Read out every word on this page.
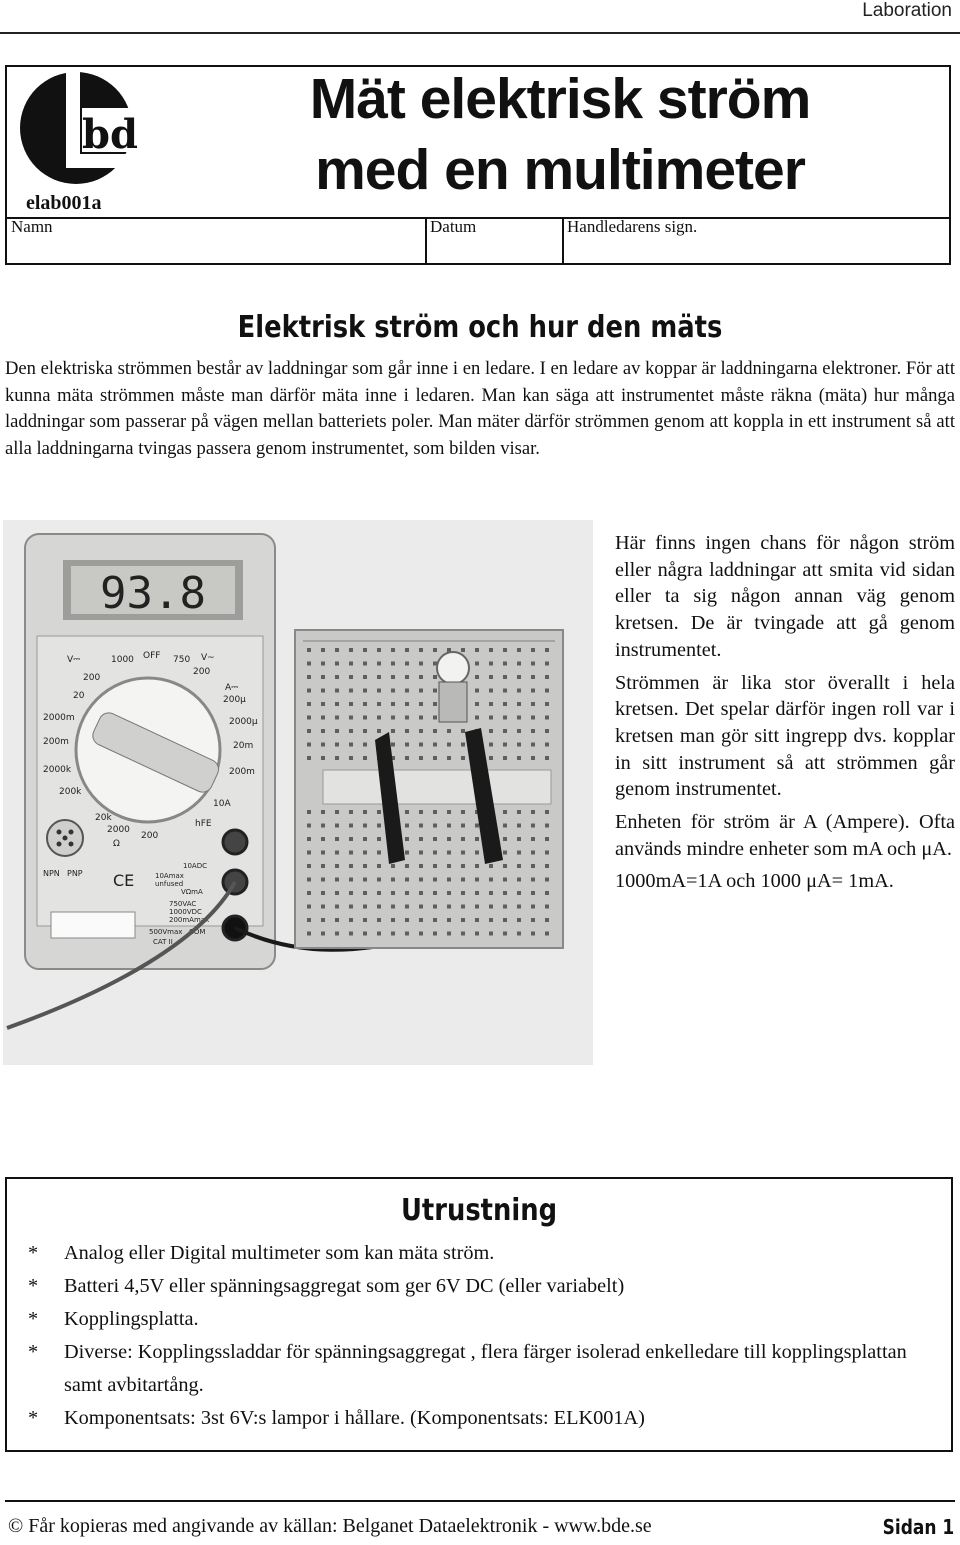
Laboration
bd
elab001a
Mät elektrisk ström
med en multimeter
Namn	Datum	Handledarens sign.
Elektrisk ström och hur den mäts

Den elektriska strömmen består av laddningar som går inne i en ledare. I en ledare av koppar är laddningarna elektroner. För att kunna mäta strömmen måste man därför mäta inne i ledaren. Man kan säga att instrumentet måste räkna (mäta) hur många laddningar som passerar på vägen mellan batteriets poler. Man mäter därför strömmen genom att koppla in ett instrument så att alla laddningarna tvingas passera genom instrumentet, som bilden visar.

93.8
V⎓	1000 OFF 750 V~
200
200
20
A⎓
2000m
200μ
200m
2000μ
2000k
20m
200k
200m
10A
20k
2000
200
hFE
Ω
NPN PNP CE
10ADC
10Amax
unfused
VΩmA
750VAC
1000VDC
200mAmax
COM
500Vmax
CAT II

Här finns ingen chans för någon ström eller några laddningar att smita vid sidan eller ta sig någon annan väg genom kretsen. De är tvingade att gå genom instrumentet.

Strömmen är lika stor överallt i hela kretsen. Det spelar därför ingen roll var i kretsen man gör sitt ingrepp dvs. kopplar in sitt instrument så att strömmen går genom instrumentet.

Enheten för ström är A (Ampere). Ofta används mindre enheter som mA och μA.

1000mA=1A och 1000 μA= 1mA.

Utrustning
* Analog eller Digital multimeter som kan mäta ström.
* Batteri 4,5V eller spänningsaggregat som ger 6V DC (eller variabelt)
* Kopplingsplatta.
* Diverse: Kopplingssladdar för spänningsaggregat , flera färger isolerad enkelledare till kopplingsplattan samt avbitartång.
* Komponentsats: 3st 6V:s lampor i hållare. (Komponentsats: ELK001A)
© Får kopieras med angivande av källan: Belganet Dataelektronik - www.bde.se	Sidan 1
